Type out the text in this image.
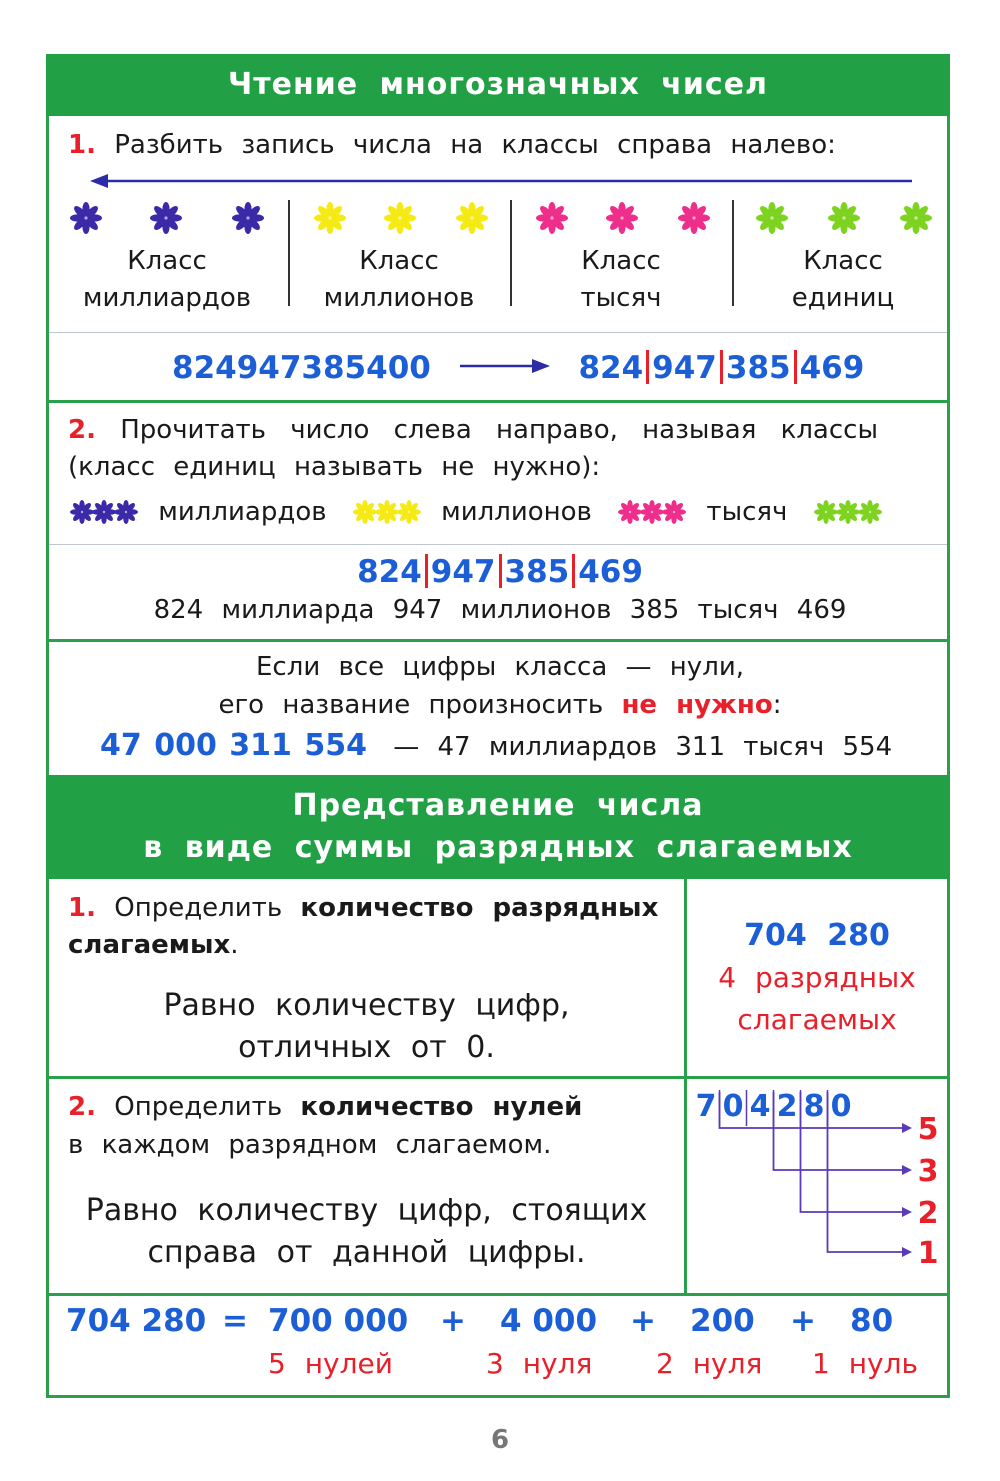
Чтение многозначных чисел
1. Разбить запись числа на классы справа налево:
Класс
миллиардов
Класс
миллионов
Класс
тысяч
Класс
единиц
824947385400	824 947 385 469
2. Прочитать число слева направо, называя классы
(класс единиц называть не нужно):
миллиардов	миллионов	тысяч
824 947 385 469
824 миллиарда 947 миллионов 385 тысяч 469
Если все цифры класса — нули,
его название произносить не нужно:
47 000 311 554 — 47 миллиардов 311 тысяч 554
Представление числа
в виде суммы разрядных слагаемых
1. Определить количество разрядных
слагаемых.
Равно количеству цифр,
отличных от 0.
704 280
4 разрядных
слагаемых
2. Определить количество нулей
в каждом разрядном слагаемом.
Равно количеству цифр, стоящих
справа от данной цифры.
7 0 4 2 8 0
5
3
2
1
704 280 = 700 000 + 4 000 + 200 + 80
5 нулей	3 нуля 2 нуля 1 нуль
6
